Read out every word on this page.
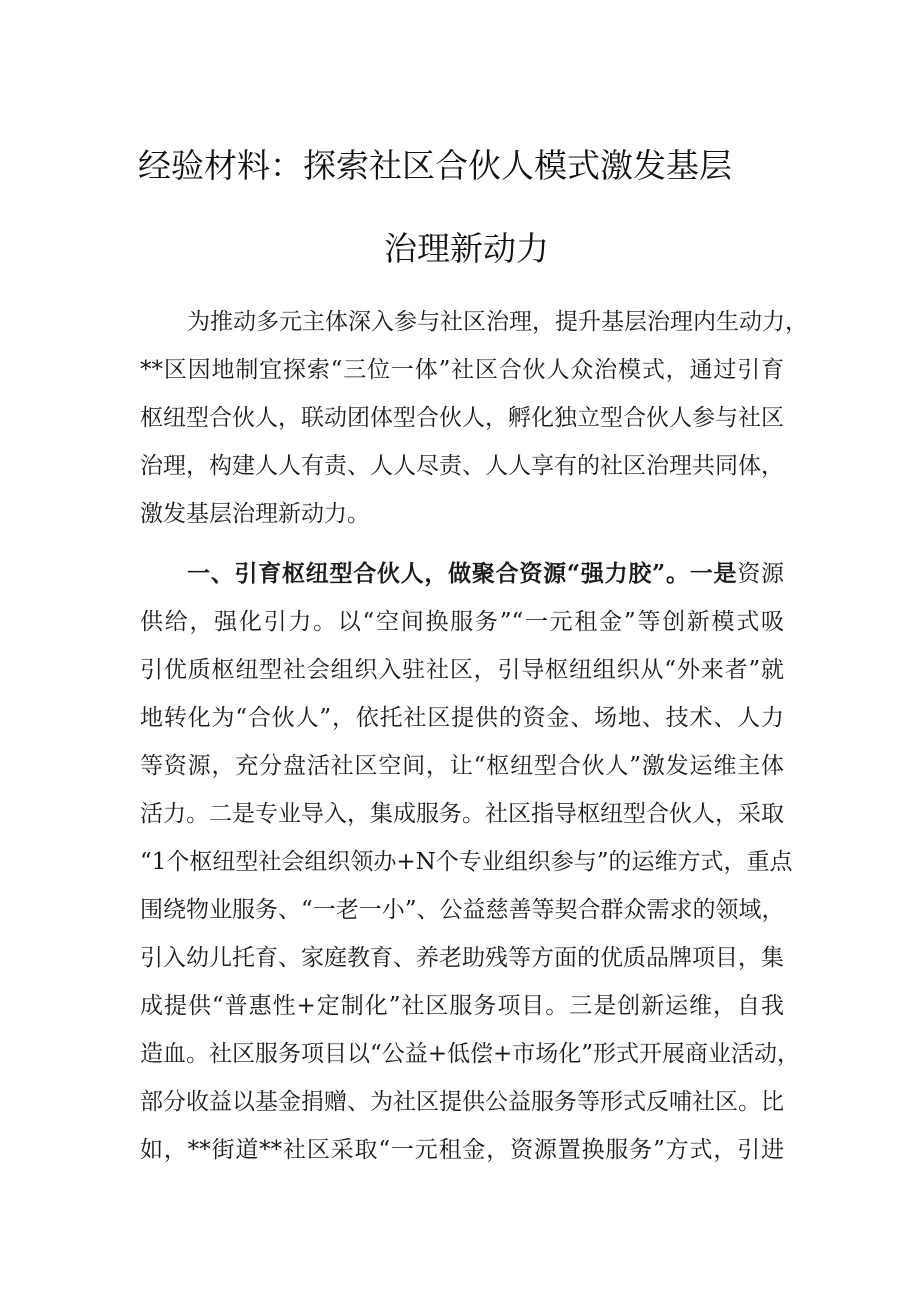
经验材料：探索社区合伙人模式激发基层
治理新动力
为推动多元主体深入参与社区治理，提升基层治理内生动力，
**区因地制宜探索“三位一体”社区合伙人众治模式，通过引育
枢纽型合伙人，联动团体型合伙人，孵化独立型合伙人参与社区
治理，构建人人有责、人人尽责、人人享有的社区治理共同体，
激发基层治理新动力。
一、引育枢纽型合伙人，做聚合资源“强力胶”。一是资源
供给，强化引力。以“空间换服务”“一元租金”等创新模式吸
引优质枢纽型社会组织入驻社区，引导枢纽组织从“外来者”就
地转化为“合伙人”，依托社区提供的资金、场地、技术、人力
等资源，充分盘活社区空间，让“枢纽型合伙人”激发运维主体
活力。二是专业导入，集成服务。社区指导枢纽型合伙人，采取
“1个枢纽型社会组织领办+N个专业组织参与”的运维方式，重点
围绕物业服务、“一老一小”、公益慈善等契合群众需求的领域，
引入幼儿托育、家庭教育、养老助残等方面的优质品牌项目，集
成提供“普惠性+定制化”社区服务项目。三是创新运维，自我
造血。社区服务项目以“公益+低偿+市场化”形式开展商业活动，
部分收益以基金捐赠、为社区提供公益服务等形式反哺社区。比
如，**街道**社区采取“一元租金，资源置换服务”方式，引进
